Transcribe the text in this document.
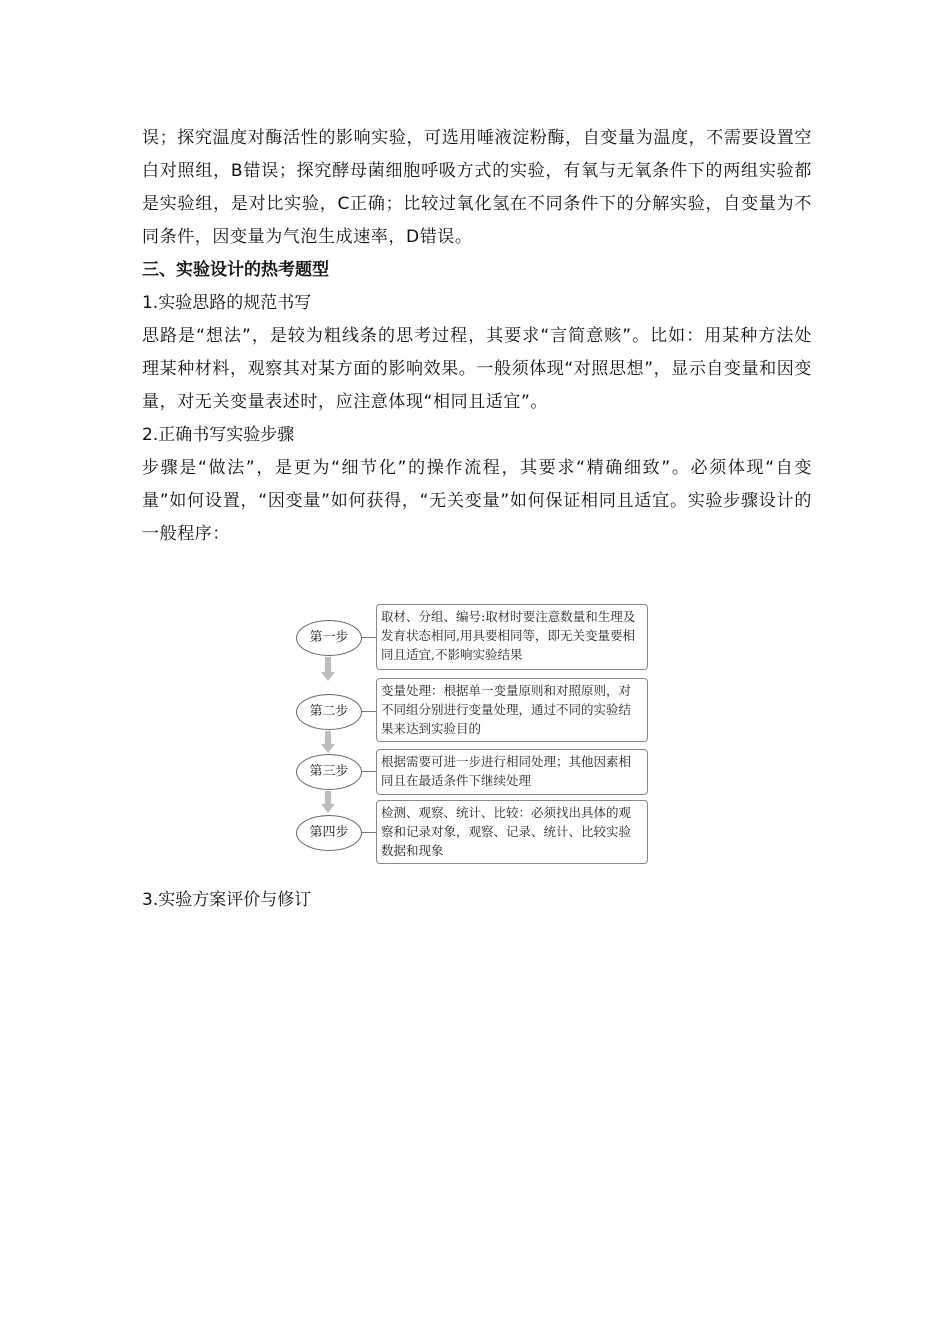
误；探究温度对酶活性的影响实验，可选用唾液淀粉酶，自变量为温度，不需要设置空白对照组，B错误；探究酵母菌细胞呼吸方式的实验，有氧与无氧条件下的两组实验都是实验组，是对比实验，C正确；比较过氧化氢在不同条件下的分解实验，自变量为不同条件，因变量为气泡生成速率，D错误。

三、实验设计的热考题型

1.实验思路的规范书写

思路是“想法”，是较为粗线条的思考过程，其要求“言简意赅”。比如：用某种方法处理某种材料，观察其对某方面的影响效果。一般须体现“对照思想”，显示自变量和因变量，对无关变量表述时，应注意体现“相同且适宜”。

2.正确书写实验步骤

步骤是“做法”，是更为“细节化”的操作流程，其要求“精确细致”。必须体现“自变量”如何设置，“因变量”如何获得，“无关变量”如何保证相同且适宜。实验步骤设计的一般程序：

第一步
取材、分组、编号:取材时要注意数量和生理及发育状态相同,用具要相同等，即无关变量要相同且适宜,不影响实验结果
第二步
变量处理：根据单一变量原则和对照原则，对不同组分别进行变量处理，通过不同的实验结果来达到实验目的
第三步
根据需要可进一步进行相同处理；其他因素相同且在最适条件下继续处理
第四步
检测、观察、统计、比较：必须找出具体的观察和记录对象，观察、记录、统计、比较实验数据和现象

3.实验方案评价与修订
